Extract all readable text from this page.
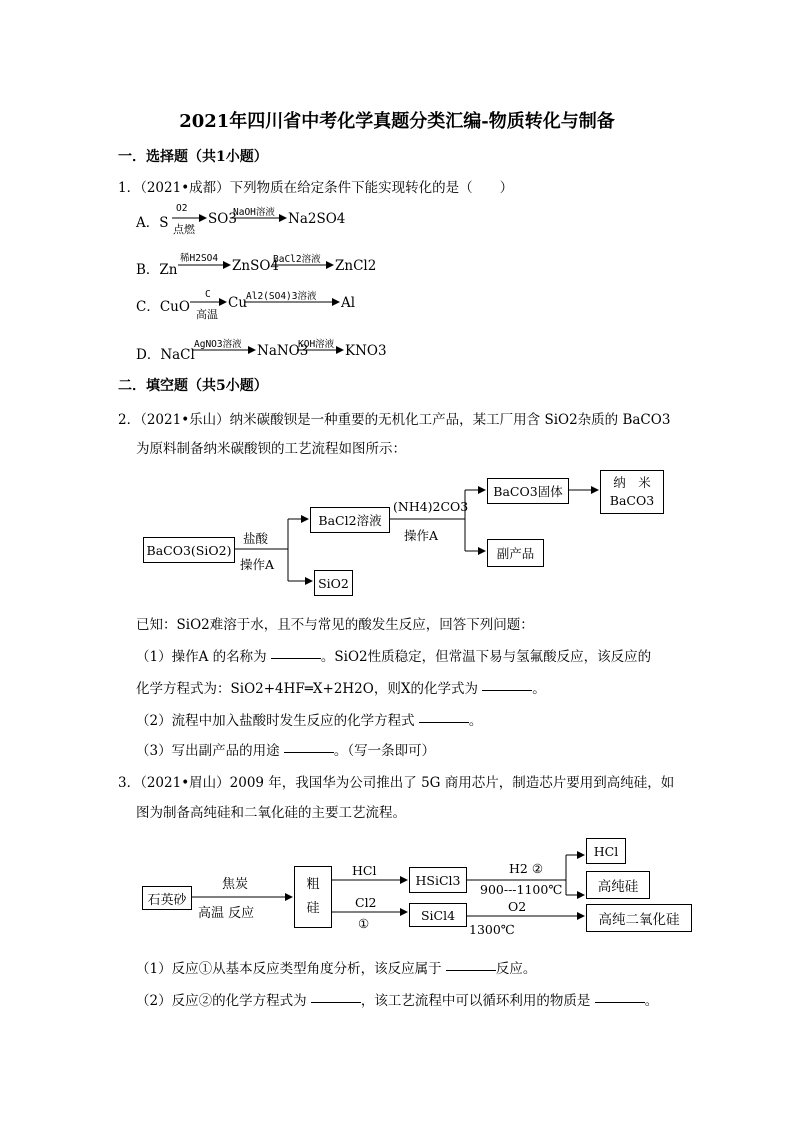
2021年四川省中考化学真题分类汇编-物质转化与制备
一．选择题（共1小题）
1．（2021•成都）下列物质在给定条件下能实现转化的是（　　）
A．S
O2
点燃
SO3
NaOH溶液 Na2SO4
B．Zn
稀H2SO4 ZnSO4
BaCl2溶液 ZnCl2
C．CuO
C
高温
Cu
Al2(SO4)3溶液 Al
D．NaCl
AgNO3溶液 NaNO3
KOH溶液 KNO3
二．填空题（共5小题）
2．（2021•乐山）纳米碳酸钡是一种重要的无机化工产品，某工厂用含 SiO2杂质的 BaCO3
为原料制备纳米碳酸钡的工艺流程如图所示：
BaCO3(SiO2)
盐酸
操作A
BaCl2溶液
SiO2
(NH4)2CO3
操作A
BaCO3固体
副产品
纳　米
BaCO3
已知：SiO2难溶于水，且不与常见的酸发生反应，回答下列问题：
（1）操作A 的名称为	。SiO2性质稳定，但常温下易与氢氟酸反应，该反应的
化学方程式为：SiO2+4HF═X+2H2O，则X的化学式为	。
（2）流程中加入盐酸时发生反应的化学方程式	。
（3）写出副产品的用途	。（写一条即可）
3．（2021•眉山）2009 年，我国华为公司推出了 5G 商用芯片，制造芯片要用到高纯硅，如
图为制备高纯硅和二氧化硅的主要工艺流程。
石英砂
焦炭
高温 反应
粗
硅
HCl
Cl2
①
HSiCl3
SiCl4
H2 ②
900---1100℃
O2
1300℃
HCl
高纯硅
高纯二氧化硅
（1）反应①从基本反应类型角度分析，该反应属于	反应。
（2）反应②的化学方程式为	，该工艺流程中可以循环利用的物质是	。
